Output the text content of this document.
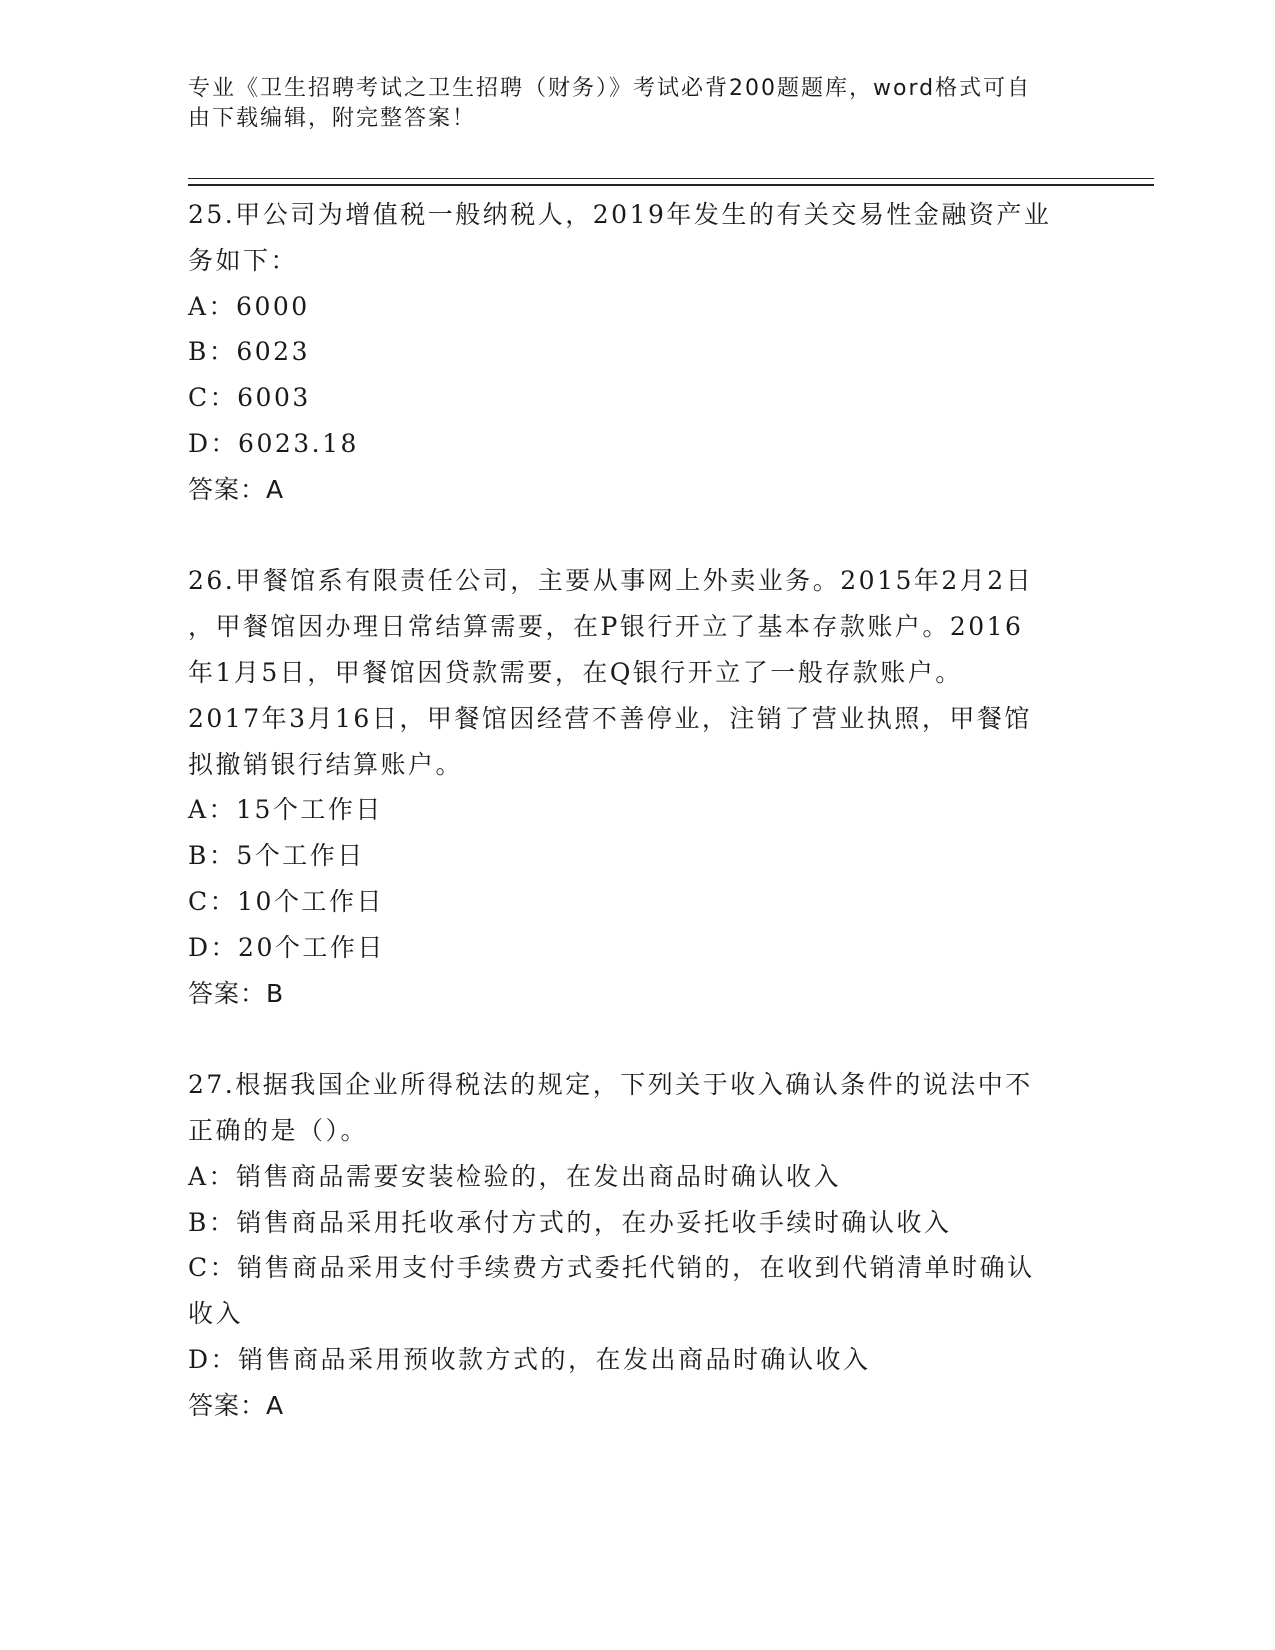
专业《卫生招聘考试之卫生招聘（财务）》考试必背200题题库，word格式可自
由下载编辑，附完整答案！
25.甲公司为增值税一般纳税人，2019年发生的有关交易性金融资产业
务如下：
A：6000
B：6023
C：6003
D：6023.18
答案：A
26.甲餐馆系有限责任公司，主要从事网上外卖业务。2015年2月2日
，甲餐馆因办理日常结算需要，在P银行开立了基本存款账户。2016
年1月5日，甲餐馆因贷款需要，在Q银行开立了一般存款账户。
2017年3月16日，甲餐馆因经营不善停业，注销了营业执照，甲餐馆
拟撤销银行结算账户。
A：15个工作日
B：5个工作日
C：10个工作日
D：20个工作日
答案：B
27.根据我国企业所得税法的规定，下列关于收入确认条件的说法中不
正确的是（）。
A：销售商品需要安装检验的，在发出商品时确认收入
B：销售商品采用托收承付方式的，在办妥托收手续时确认收入
C：销售商品采用支付手续费方式委托代销的，在收到代销清单时确认
收入
D：销售商品采用预收款方式的，在发出商品时确认收入
答案：A
